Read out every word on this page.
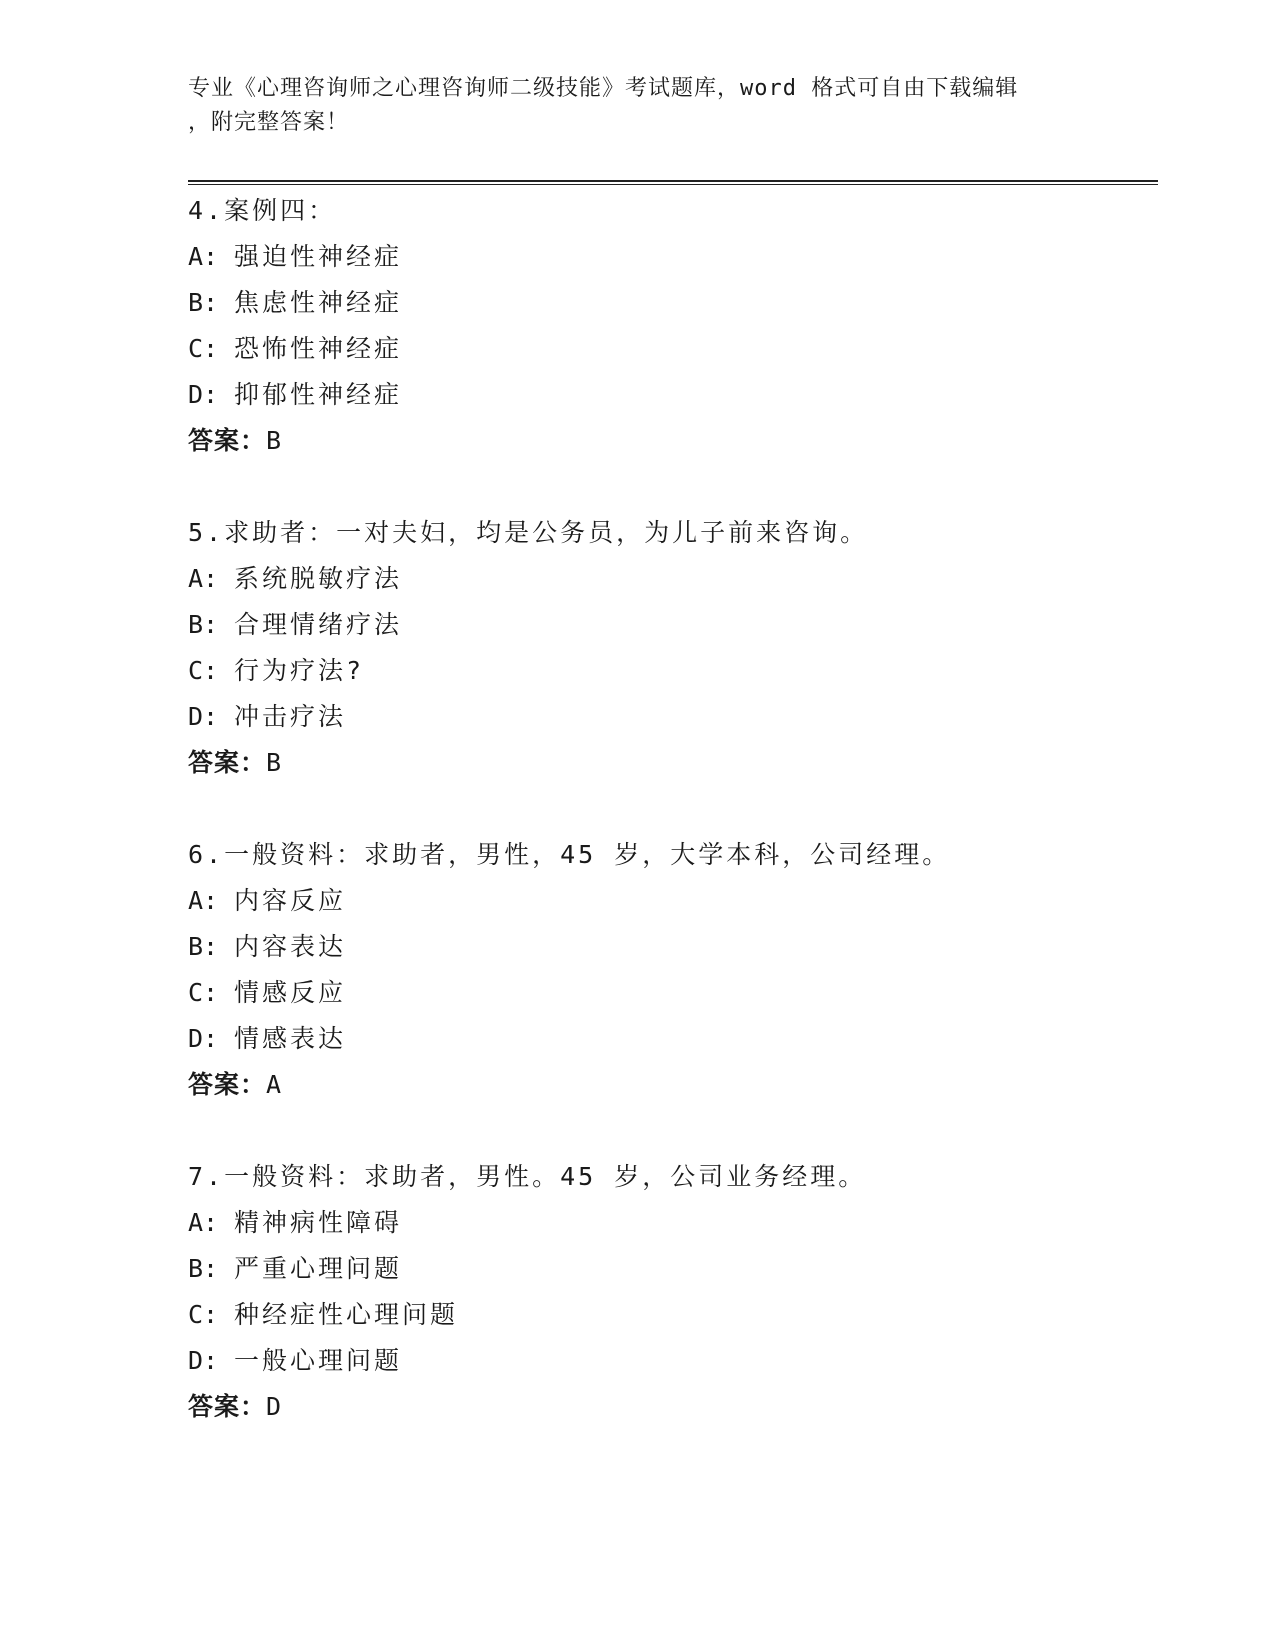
专业《心理咨询师之心理咨询师二级技能》考试题库，word 格式可自由下载编辑
，附完整答案！
4.案例四：
A: 强迫性神经症
B: 焦虑性神经症
C: 恐怖性神经症
D: 抑郁性神经症
答案：B
5.求助者：一对夫妇，均是公务员，为儿子前来咨询。
A: 系统脱敏疗法
B: 合理情绪疗法
C: 行为疗法?
D: 冲击疗法
答案：B
6.一般资料：求助者，男性，45 岁，大学本科，公司经理。
A: 内容反应
B: 内容表达
C: 情感反应
D: 情感表达
答案：A
7.一般资料：求助者，男性。45 岁，公司业务经理。
A: 精神病性障碍
B: 严重心理问题
C: 种经症性心理问题
D: 一般心理问题
答案：D
